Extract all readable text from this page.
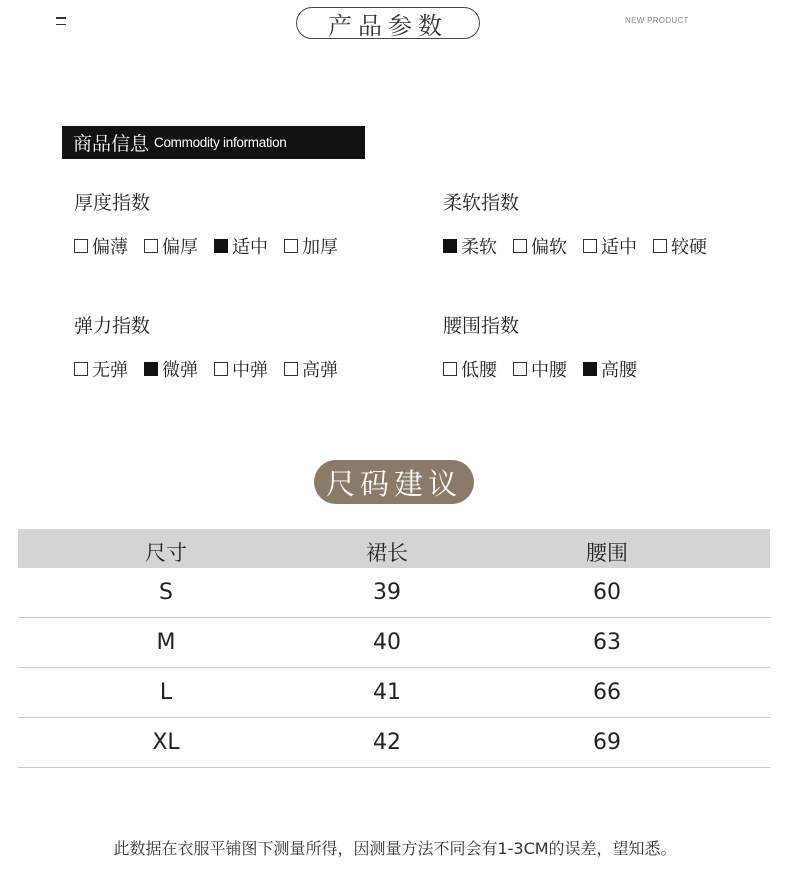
产品参数	NEW PRODUCT
商品信息 Commodity information
厚度指数
偏薄 偏厚 适中 加厚
柔软指数
柔软 偏软 适中 较硬
弹力指数
无弹 微弹 中弹 高弹
腰围指数
低腰 中腰 高腰
尺码建议
尺寸	裙长	腰围
S	39	60
M	40	63
L	41	66
XL	42	69
此数据在衣服平铺图下测量所得，因测量方法不同会有1-3CM的误差，望知悉。
